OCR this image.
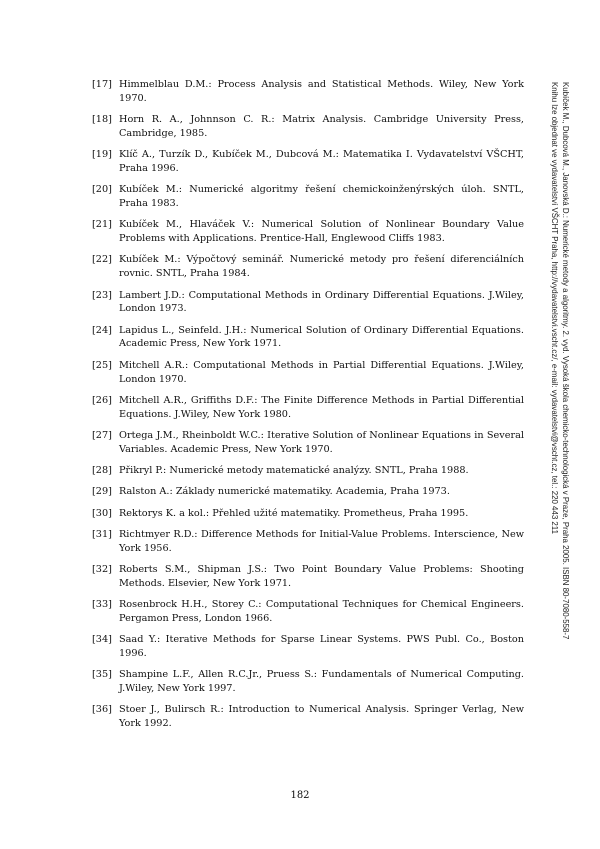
[17] Himmelblau D.M.: Process Analysis and Statistical Methods. Wiley, New York 1970.
[18] Horn R. A., Johnnson C. R.: Matrix Analysis. Cambridge University Press, Cambridge, 1985.
[19] Klíč A., Turzík D., Kubíček M., Dubcová M.: Matematika I. Vydavatelství VŠCHT, Praha 1996.
[20] Kubíček M.: Numerické algoritmy řešení chemickoinženýrských úloh. SNTL, Praha 1983.
[21] Kubíček M., Hlaváček V.: Numerical Solution of Nonlinear Boundary Value Problems with Applications. Prentice-Hall, Englewood Cliffs 1983.
[22] Kubíček M.: Výpočtový seminář. Numerické metody pro řešení diferenciálních rovnic. SNTL, Praha 1984.
[23] Lambert J.D.: Computational Methods in Ordinary Differential Equations. J.Wiley, London 1973.
[24] Lapidus L., Seinfeld. J.H.: Numerical Solution of Ordinary Differential Equations. Academic Press, New York 1971.
[25] Mitchell A.R.: Computational Methods in Partial Differential Equations. J.Wiley, London 1970.
[26] Mitchell A.R., Griffiths D.F.: The Finite Difference Methods in Partial Differential Equations. J.Wiley, New York 1980.
[27] Ortega J.M., Rheinboldt W.C.: Iterative Solution of Nonlinear Equations in Several Variables. Academic Press, New York 1970.
[28] Přikryl P.: Numerické metody matematické analýzy. SNTL, Praha 1988.
[29] Ralston A.: Základy numerické matematiky. Academia, Praha 1973.
[30] Rektorys K. a kol.: Přehled užité matematiky. Prometheus, Praha 1995.
[31] Richtmyer R.D.: Difference Methods for Initial-Value Problems. Interscience, New York 1956.
[32] Roberts S.M., Shipman J.S.: Two Point Boundary Value Problems: Shooting Methods. Elsevier, New York 1971.
[33] Rosenbrock H.H., Storey C.: Computational Techniques for Chemical Engineers. Pergamon Press, London 1966.
[34] Saad Y.: Iterative Methods for Sparse Linear Systems. PWS Publ. Co., Boston 1996.
[35] Shampine L.F., Allen R.C.Jr., Pruess S.: Fundamentals of Numerical Computing. J.Wiley, New York 1997.
[36] Stoer J., Bulirsch R.: Introduction to Numerical Analysis. Springer Verlag, New York 1992.
182
Kubíček M., Dubcová M., Janovská D.: Numerické metody a algoritmy. 2. vyd. Vysoká škola chemicko-technologická v Praze, Praha 2005. ISBN 80-7080-558-7
Knihu lze objednat ve vydavatelství VŠCHT Praha, http://vydavatelstvi.vscht.cz/, e-mail: vydavatelstvi@vscht.cz, tel.: 220 443 211
